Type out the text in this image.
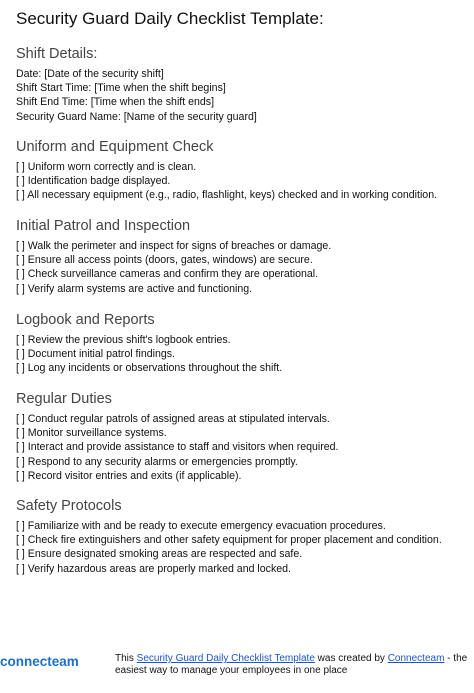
Security Guard Daily Checklist Template:
Shift Details:
Date: [Date of the security shift]
Shift Start Time: [Time when the shift begins]
Shift End Time: [Time when the shift ends]
Security Guard Name: [Name of the security guard]
Uniform and Equipment Check
[ ] Uniform worn correctly and is clean.
[ ] Identification badge displayed.
[ ] All necessary equipment (e.g., radio, flashlight, keys) checked and in working condition.
Initial Patrol and Inspection
[ ] Walk the perimeter and inspect for signs of breaches or damage.
[ ] Ensure all access points (doors, gates, windows) are secure.
[ ] Check surveillance cameras and confirm they are operational.
[ ] Verify alarm systems are active and functioning.
Logbook and Reports
[ ] Review the previous shift's logbook entries.
[ ] Document initial patrol findings.
[ ] Log any incidents or observations throughout the shift.
Regular Duties
[ ] Conduct regular patrols of assigned areas at stipulated intervals.
[ ] Monitor surveillance systems.
[ ] Interact and provide assistance to staff and visitors when required.
[ ] Respond to any security alarms or emergencies promptly.
[ ] Record visitor entries and exits (if applicable).
Safety Protocols
[ ] Familiarize with and be ready to execute emergency evacuation procedures.
[ ] Check fire extinguishers and other safety equipment for proper placement and condition.
[ ] Ensure designated smoking areas are respected and safe.
[ ] Verify hazardous areas are properly marked and locked.
connecteam	This Security Guard Daily Checklist Template was created by Connecteam - the easiest way to manage your employees in one place
